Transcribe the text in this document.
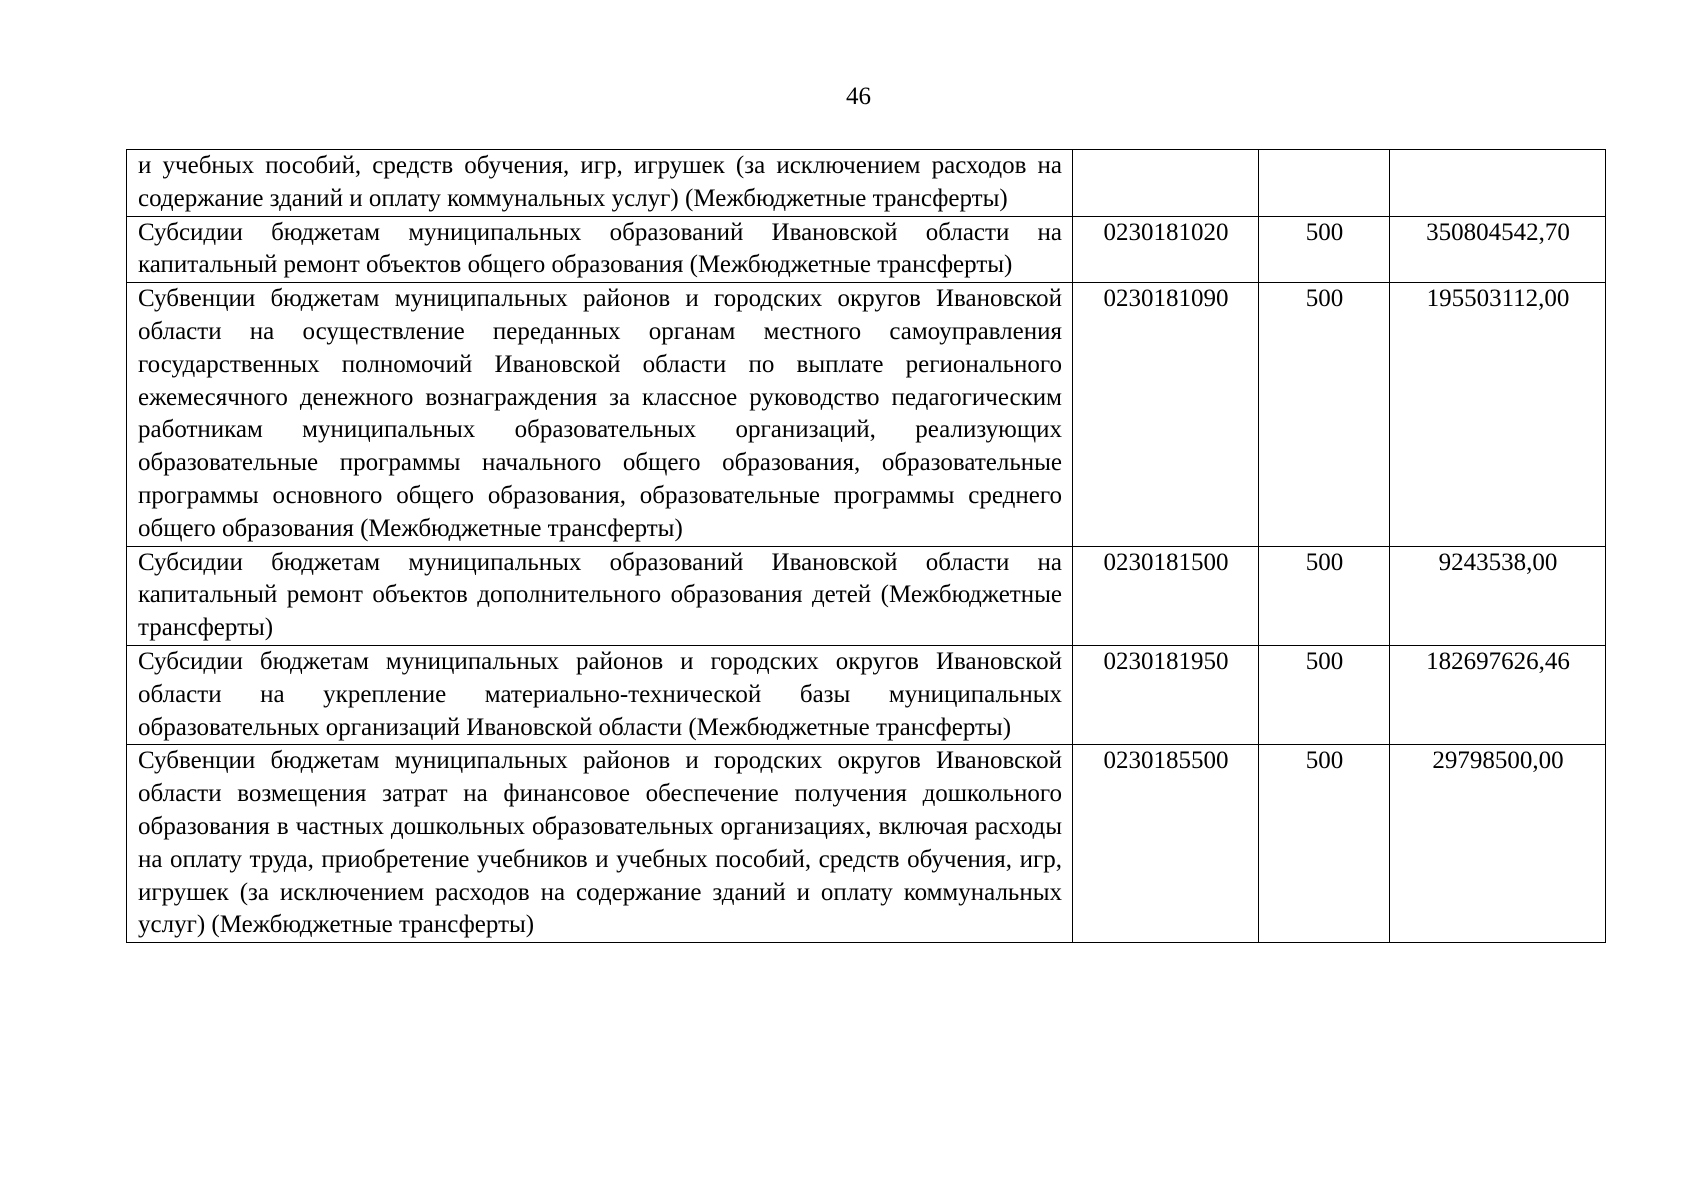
46
и учебных пособий, средств обучения, игр, игрушек (за исключением расходов на содержание зданий и оплату коммунальных услуг) (Межбюджетные трансферты)			
Субсидии бюджетам муниципальных образований Ивановской области на капитальный ремонт объектов общего образования (Межбюджетные трансферты)	0230181020	500	350804542,70
Субвенции бюджетам муниципальных районов и городских округов Ивановской области на осуществление переданных органам местного самоуправления государственных полномочий Ивановской области по выплате регионального ежемесячного денежного вознаграждения за классное руководство педагогическим работникам муниципальных образовательных организаций, реализующих образовательные программы начального общего образования, образовательные программы основного общего образования, образовательные программы среднего общего образования (Межбюджетные трансферты)	0230181090	500	195503112,00
Субсидии бюджетам муниципальных образований Ивановской области на капитальный ремонт объектов дополнительного образования детей (Межбюджетные трансферты)	0230181500	500	9243538,00
Субсидии бюджетам муниципальных районов и городских округов Ивановской области на укрепление материально-технической базы муниципальных образовательных организаций Ивановской области (Межбюджетные трансферты)	0230181950	500	182697626,46
Субвенции бюджетам муниципальных районов и городских округов Ивановской области возмещения затрат на финансовое обеспечение получения дошкольного образования в частных дошкольных образовательных организациях, включая расходы на оплату труда, приобретение учебников и учебных пособий, средств обучения, игр, игрушек (за исключением расходов на содержание зданий и оплату коммунальных услуг) (Межбюджетные трансферты)	0230185500	500	29798500,00
